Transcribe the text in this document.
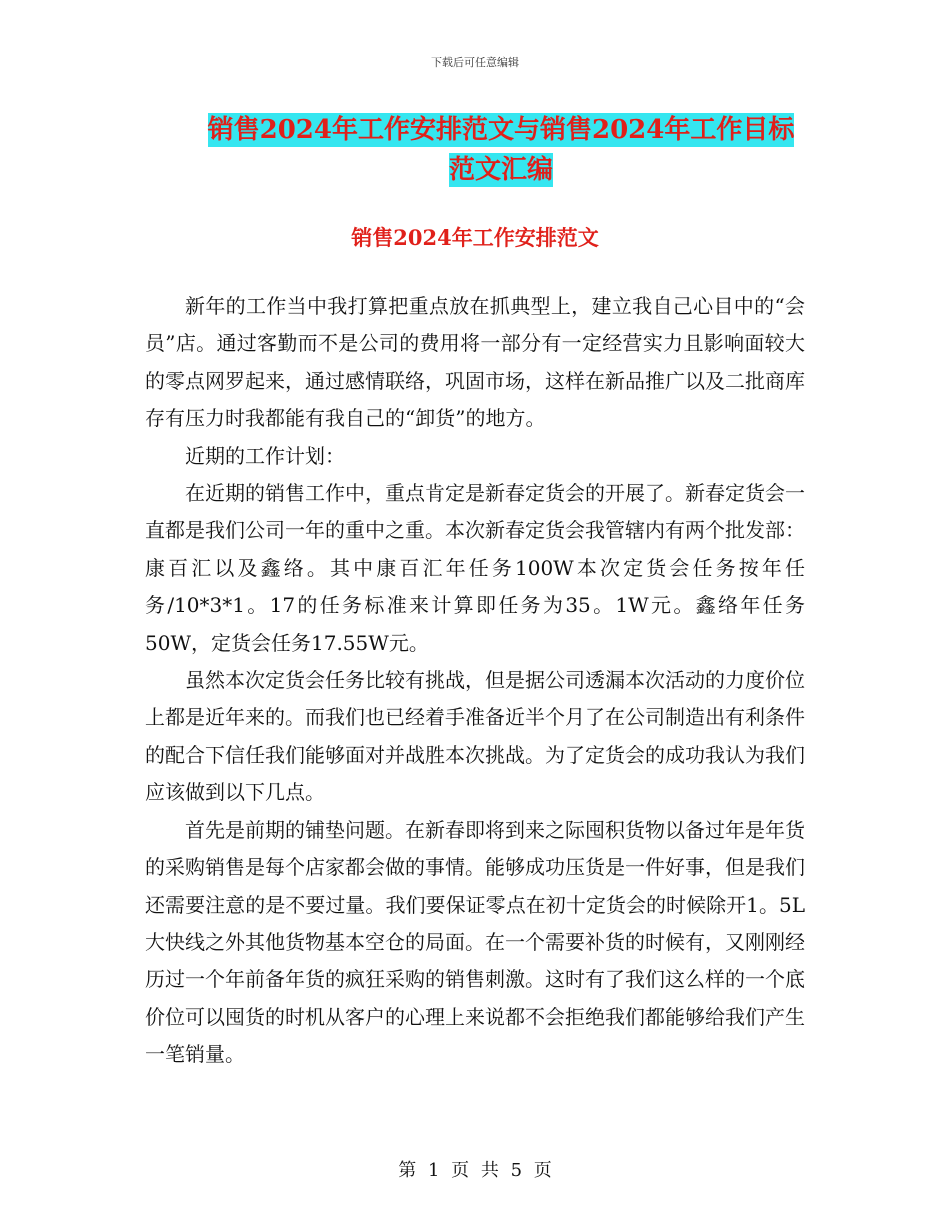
下载后可任意编辑
销售2024年工作安排范文与销售2024年工作目标范文汇编
销售2024年工作安排范文

新年的工作当中我打算把重点放在抓典型上，建立我自己心目中的“会员”店。通过客勤而不是公司的费用将一部分有一定经营实力且影响面较大的零点网罗起来，通过感情联络，巩固市场，这样在新品推广以及二批商库存有压力时我都能有我自己的“卸货”的地方。

近期的工作计划：

在近期的销售工作中，重点肯定是新春定货会的开展了。新春定货会一直都是我们公司一年的重中之重。本次新春定货会我管辖内有两个批发部：康百汇以及鑫络。其中康百汇年任务100W本次定货会任务按年任务/10*3*1。17的任务标准来计算即任务为35。1W元。鑫络年任务50W，定货会任务17.55W元。

虽然本次定货会任务比较有挑战，但是据公司透漏本次活动的力度价位上都是近年来的。而我们也已经着手准备近半个月了在公司制造出有利条件的配合下信任我们能够面对并战胜本次挑战。为了定货会的成功我认为我们应该做到以下几点。

首先是前期的铺垫问题。在新春即将到来之际囤积货物以备过年是年货的采购销售是每个店家都会做的事情。能够成功压货是一件好事，但是我们还需要注意的是不要过量。我们要保证零点在初十定货会的时候除开1。5L大快线之外其他货物基本空仓的局面。在一个需要补货的时候有，又刚刚经历过一个年前备年货的疯狂采购的销售刺激。这时有了我们这么样的一个底价位可以囤货的时机从客户的心理上来说都不会拒绝我们都能够给我们产生一笔销量。

第 1 页 共 5 页
